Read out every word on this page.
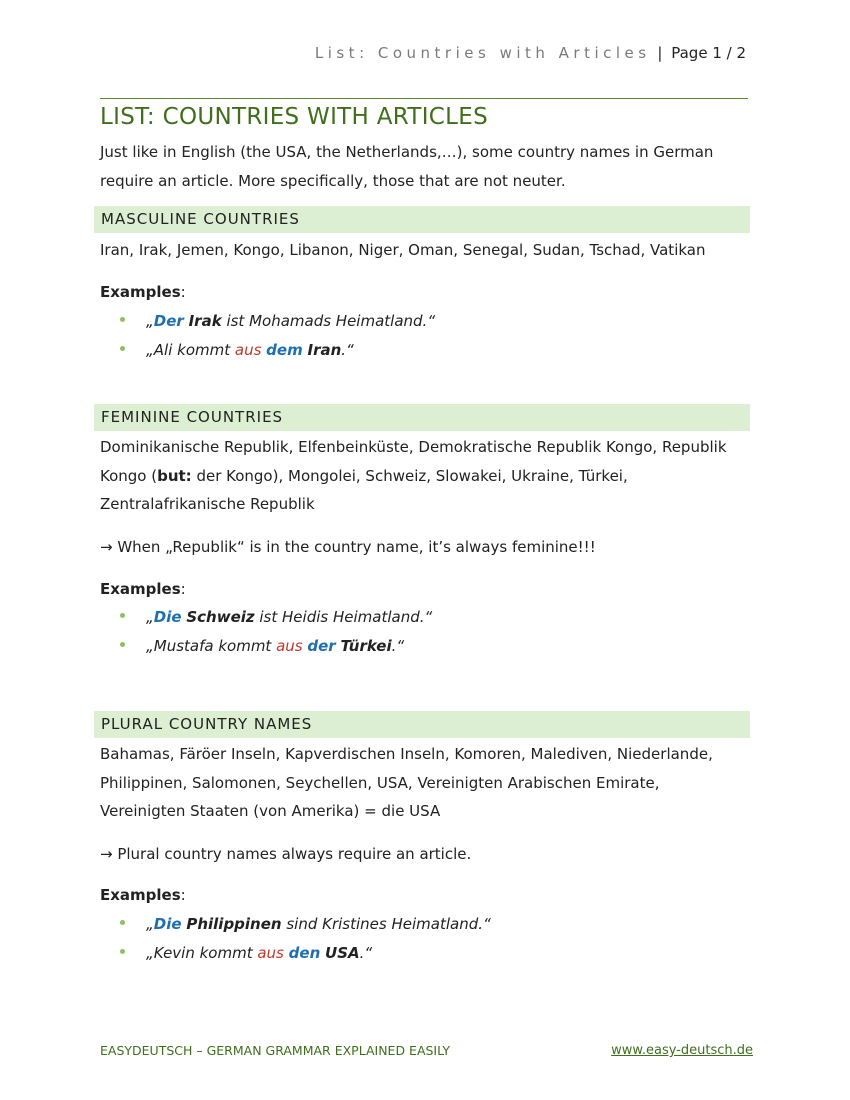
List: Countries with Articles | Page 1 / 2
LIST: COUNTRIES WITH ARTICLES

Just like in English (the USA, the Netherlands,…), some country names in German
require an article. More specifically, those that are not neuter.

MASCULINE COUNTRIES

Iran, Irak, Jemen, Kongo, Libanon, Niger, Oman, Senegal, Sudan, Tschad, Vatikan

Examples:

„Der Irak ist Mohamads Heimatland.“
„Ali kommt aus dem Iran.“
FEMININE COUNTRIES

Dominikanische Republik, Elfenbeinküste, Demokratische Republik Kongo, Republik
Kongo (but: der Kongo), Mongolei, Schweiz, Slowakei, Ukraine, Türkei,
Zentralafrikanische Republik

→ When „Republik“ is in the country name, it’s always feminine!!!

Examples:

„Die Schweiz ist Heidis Heimatland.“
„Mustafa kommt aus der Türkei.“
PLURAL COUNTRY NAMES

Bahamas, Färöer Inseln, Kapverdischen Inseln, Komoren, Malediven, Niederlande,
Philippinen, Salomonen, Seychellen, USA, Vereinigten Arabischen Emirate,
Vereinigten Staaten (von Amerika) = die USA

→ Plural country names always require an article.

Examples:

„Die Philippinen sind Kristines Heimatland.“
„Kevin kommt aus den USA.“
EASYDEUTSCH – GERMAN GRAMMAR EXPLAINED EASILY	www.easy-deutsch.de
